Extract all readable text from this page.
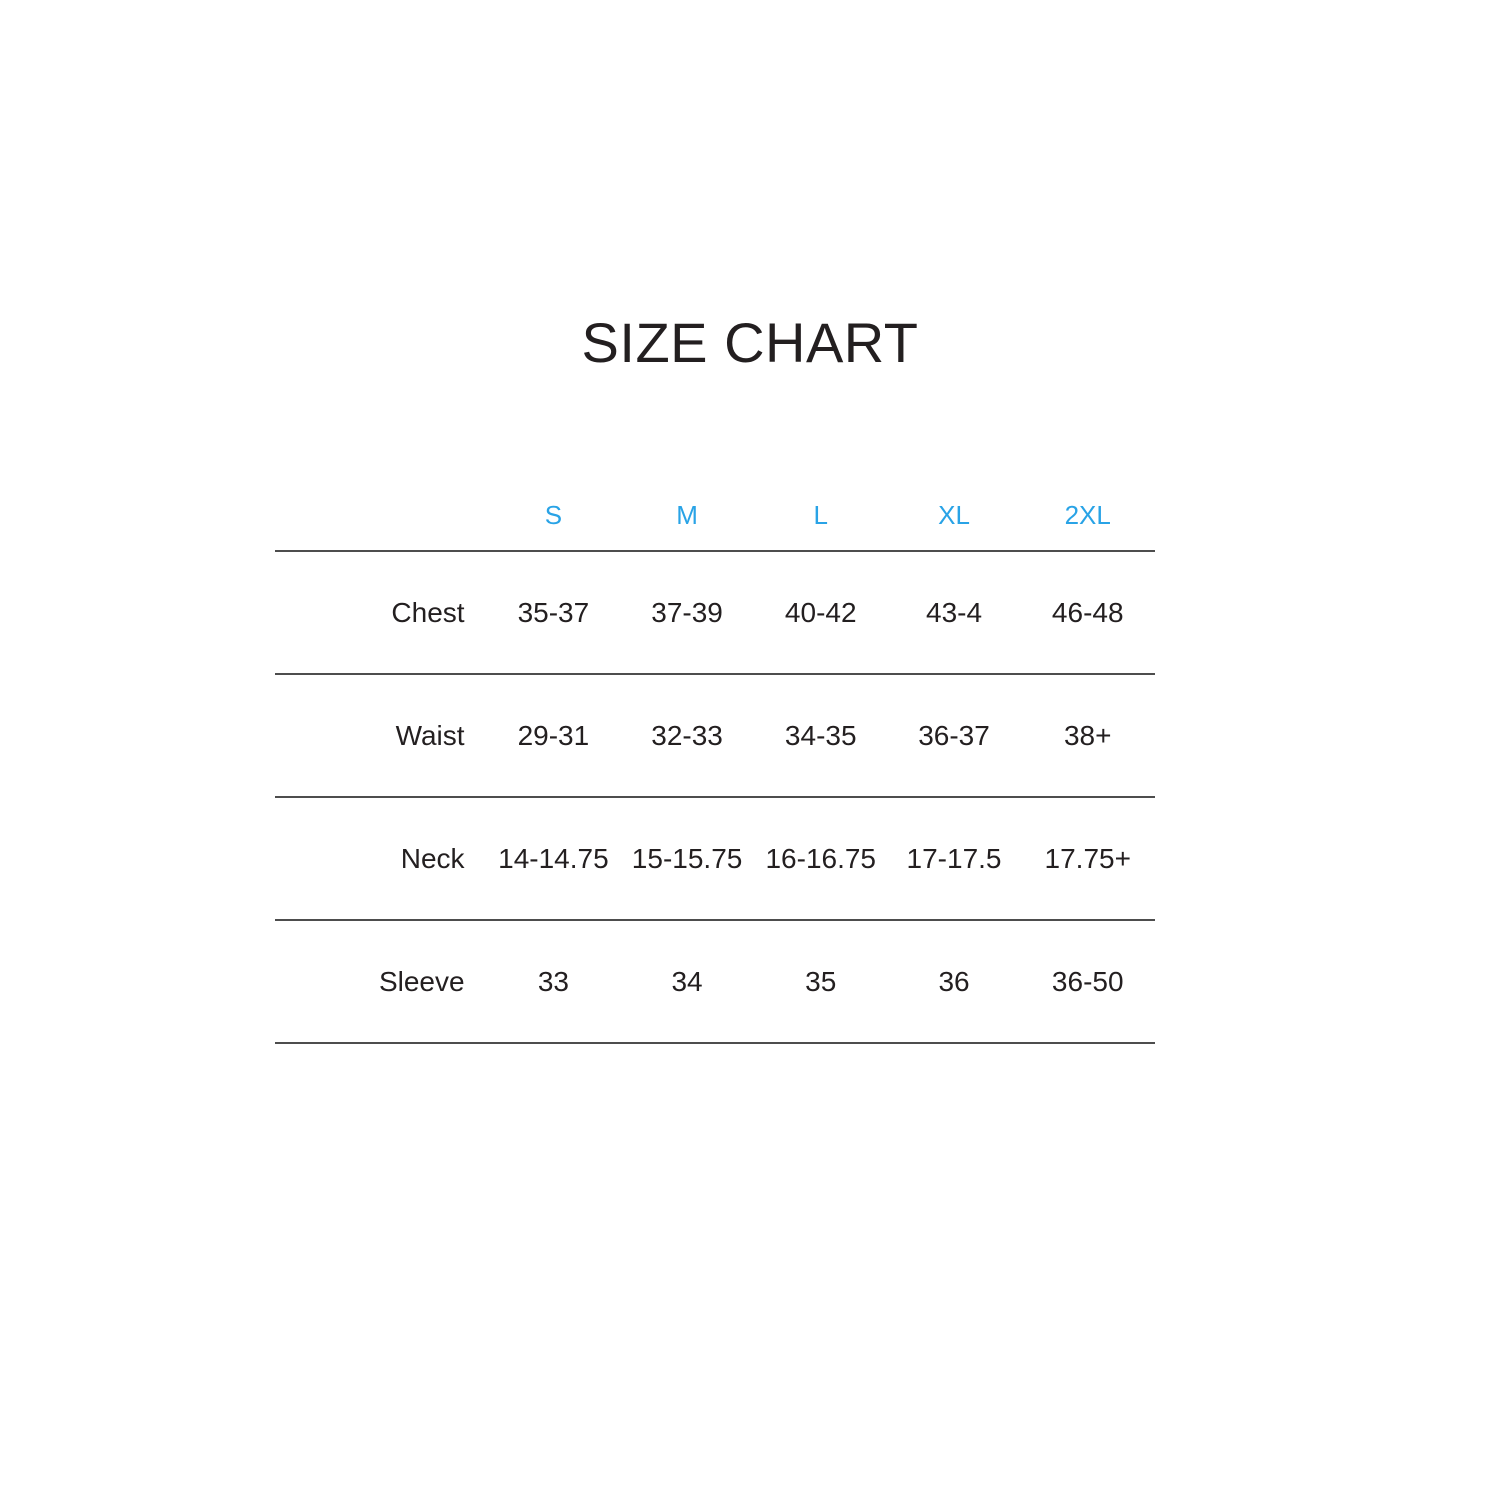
SIZE CHART
	S	M	L	XL	2XL
Chest	35-37	37-39	40-42	43-4	46-48
Waist	29-31	32-33	34-35	36-37	38+
Neck	14-14.75	15-15.75	16-16.75	17-17.5	17.75+
Sleeve	33	34	35	36	36-50
